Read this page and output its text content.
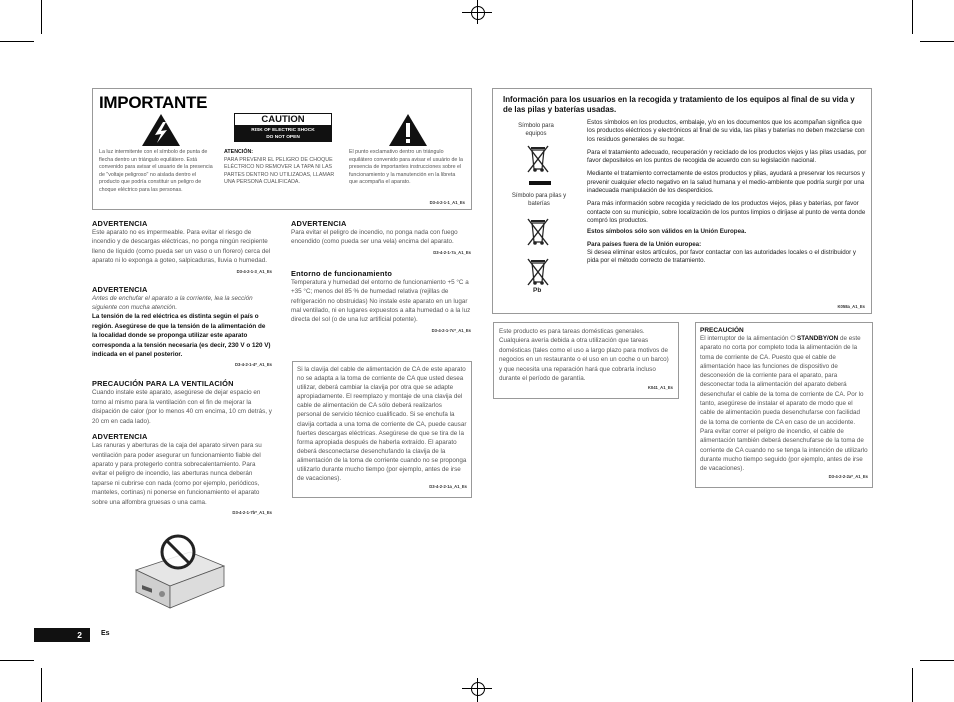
IMPORTANTE
CAUTION
RISK OF ELECTRIC SHOCK
DO NOT OPEN
La luz intermitente con el símbolo de punta de flecha dentro un triángulo equilátero. Está convenido para avisar el usuario de la presencia de "voltaje peligroso" no aislada dentro el producto que podría constituir un peligro de choque eléctrico para las personas.
ATENCIÓN:
PARA PREVENIR EL PELIGRO DE CHOQUE ELÉCTRICO NO REMOVER LA TAPA NI LAS PARTES DENTRO NO UTILIZADAS, LLAMAR UNA PERSONA CUALIFICADA.
El punto exclamativo dentro un triángulo equilátero convenido para avisar el usuário de la presencia de importantes instrucciones sobre el funcionamiento y la manutención en la libreta que acompaña el aparato.
D3-4-2-1-1_A1_Es
ADVERTENCIA
Este aparato no es impermeable. Para evitar el riesgo de incendio y de descargas eléctricas, no ponga ningún recipiente lleno de líquido (como pueda ser un vaso o un florero) cerca del aparato ni lo exponga a goteo, salpicaduras, lluvia o humedad.
D3-4-2-1-3_A1_Es
ADVERTENCIA
Antes de enchufar el aparato a la corriente, lea la sección siguiente con mucha atención.
La tensión de la red eléctrica es distinta según el país o región. Asegúrese de que la tensión de la alimentación de la localidad donde se proponga utilizar este aparato corresponda a la tensión necesaria (es decir, 230 V o 120 V) indicada en el panel posterior.
D3-4-2-1-4*_A1_Es
PRECAUCIÓN PARA LA VENTILACIÓN
Cuando instale este aparato, asegúrese de dejar espacio en torno al mismo para la ventilación con el fin de mejorar la disipación de calor (por lo menos 40 cm encima, 10 cm detrás, y 20 cm en cada lado).
ADVERTENCIA
Las ranuras y aberturas de la caja del aparato sirven para su ventilación para poder asegurar un funcionamiento fiable del aparato y para protegerlo contra sobrecalentamiento. Para evitar el peligro de incendio, las aberturas nunca deberán taparse ni cubrirse con nada (como por ejemplo, periódicos, manteles, cortinas) ni ponerse en funcionamiento el aparato sobre una alfombra gruesas o una cama.
D3-4-2-1-7b*_A1_Es
ADVERTENCIA
Para evitar el peligro de incendio, no ponga nada con fuego encendido (como pueda ser una vela) encima del aparato.
D3-4-2-1-7a_A1_Es
Entorno de funcionamiento
Temperatura y humedad del entorno de funcionamiento +5 °C a +35 °C; menos del 85 % de humedad relativa (rejillas de refrigeración no obstruidas) No instale este aparato en un lugar mal ventilado, ni en lugares expuestos a alta humedad o a la luz directa del sol (o de una luz artificial potente).
D3-4-2-1-7c*_A1_Es
Si la clavija del cable de alimentación de CA de este aparato no se adapta a la toma de corriente de CA que usted desea utilizar, deberá cambiar la clavija por otra que se adapte apropiadamente. El reemplazo y montaje de una clavija del cable de alimentación de CA sólo deberá realizarlos personal de servicio técnico cualificado. Si se enchufa la clavija cortada a una toma de corriente de CA, puede causar fuertes descargas eléctricas. Asegúrese de que se tira de la forma apropiada después de haberla extraído. El aparato deberá desconectarse desenchufando la clavija de la alimentación de la toma de corriente cuando no se proponga utilizarlo durante mucho tiempo (por ejemplo, antes de irse de vacaciones).
D3-4-2-2-1a_A1_Es
Información para los usuarios en la recogida y tratamiento de los equipos al final de su vida y de las pilas y baterías usadas.
Símbolo para equipos
Símbolo para pilas y baterías
Pb
Estos símbolos en los productos, embalaje, y/o en los documentos que los acompañan significa que los productos eléctricos y electrónicos al final de su vida, las pilas y baterías no deben mezclarse con los residuos generales de su hogar.
Para el tratamiento adecuado, recuperación y reciclado de los productos viejos y las pilas usadas, por favor depositelos en los puntos de recogida de acuerdo con su legislación nacional.
Mediante el tratamiento correctamente de estos productos y pilas, ayudará a preservar los recursos y prevenir cualquier efecto negativo en la salud humana y el medio-ambiente que podría surgir por una inadecuada manipulación de los desperdicios.
Para más información sobre recogida y reciclado de los productos viejos, pilas y baterías, por favor contacte con su municipio, sobre localización de los puntos limpios o diríjase al punto de venta donde compró los productos.
Estos símbolos sólo son válidos en la Unión Europea.
Para países fuera de la Unión europea:
Si desea eliminar estos artículos, por favor contactar con las autoridades locales o el distribuidor y pida por el método correcto de tratamiento.
K058a_A1_Es
Este producto es para tareas domésticas generales. Cualquiera avería debida a otra utilización que tareas domésticas (tales como el uso a largo plazo para motivos de negocios en un restaurante o el uso en un coche o un barco) y que necesita una reparación hará que cobrarla incluso durante el período de garantía.
K041_A1_Es
PRECAUCIÓN
El interruptor de la alimentación ⏻ STANDBY/ON de este aparato no corta por completo toda la alimentación de la toma de corriente de CA. Puesto que el cable de alimentación hace las funciones de dispositivo de desconexión de la corriente para el aparato, para desconectar toda la alimentación del aparato deberá desenchufar el cable de la toma de corriente de CA. Por lo tanto, asegúrese de instalar el aparato de modo que el cable de alimentación pueda desenchufarse con facilidad de la toma de corriente de CA en caso de un accidente. Para evitar correr el peligro de incendio, el cable de alimentación también deberá desenchufarse de la toma de corriente de CA cuando no se tenga la intención de utilizarlo durante mucho tiempo seguido (por ejemplo, antes de irse de vacaciones).
D3-4-2-2-2a*_A1_Es
2	Es
